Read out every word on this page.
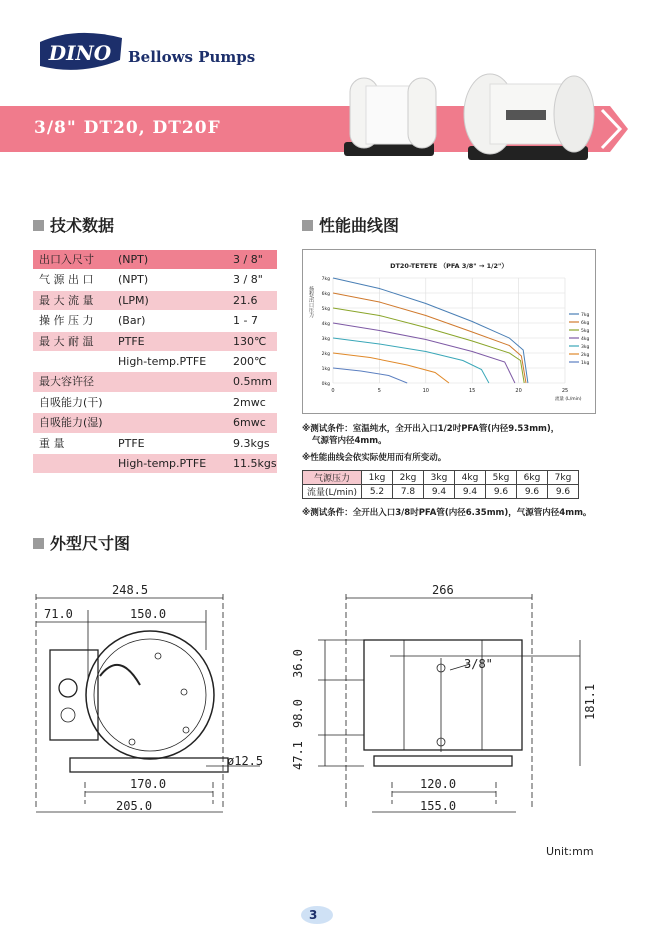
DINO Bellows Pumps
3/8" DT20, DT20F
技术数据
出口入尺寸 (NPT)	3 / 8"
气 源 出 口 (NPT)	3 / 8"
最 大 流 量 (LPM)	21.6
操 作 压 力 (Bar)	1 - 7
最 大 耐 温 PTFE	130℃
High-temp.PTFE 200℃
最大容许径	0.5mm
自吸能力(干)	2mwc
自吸能力(湿)	6mwc
重 量	PTFE	9.3kgs
High-temp.PTFE 11.5kgs
性能曲线图
DT20-TETETE （PFA 3/8" → 1/2"）
扬程/出口压力
0	5	10	15	20	25
0kg
1kg
2kg
3kg
4kg
5kg
6kg
7kg
流量 (L/min)
7kg
6kg
5kg
4kg
3kg
2kg
1kg
※测试条件：室温纯水，全开出入口1/2吋PFA管(内径9.53mm)，
气源管内径4mm。
※性能曲线会依实际使用而有所变动。
气源压力	1kg	2kg	3kg	4kg	5kg	6kg	7kg
流量(L/min)	5.2	7.8	9.4	9.4	9.6	9.6	9.6
※测试条件：全开出入口3/8吋PFA管(内径6.35mm)，气源管内径4mm。
外型尺寸图
248.5
71.0	150.0
170.0
205.0
ø12.5
266
3/8"
120.0
155.0
36.0
98.0
47.1
181.1
Unit:mm
3
